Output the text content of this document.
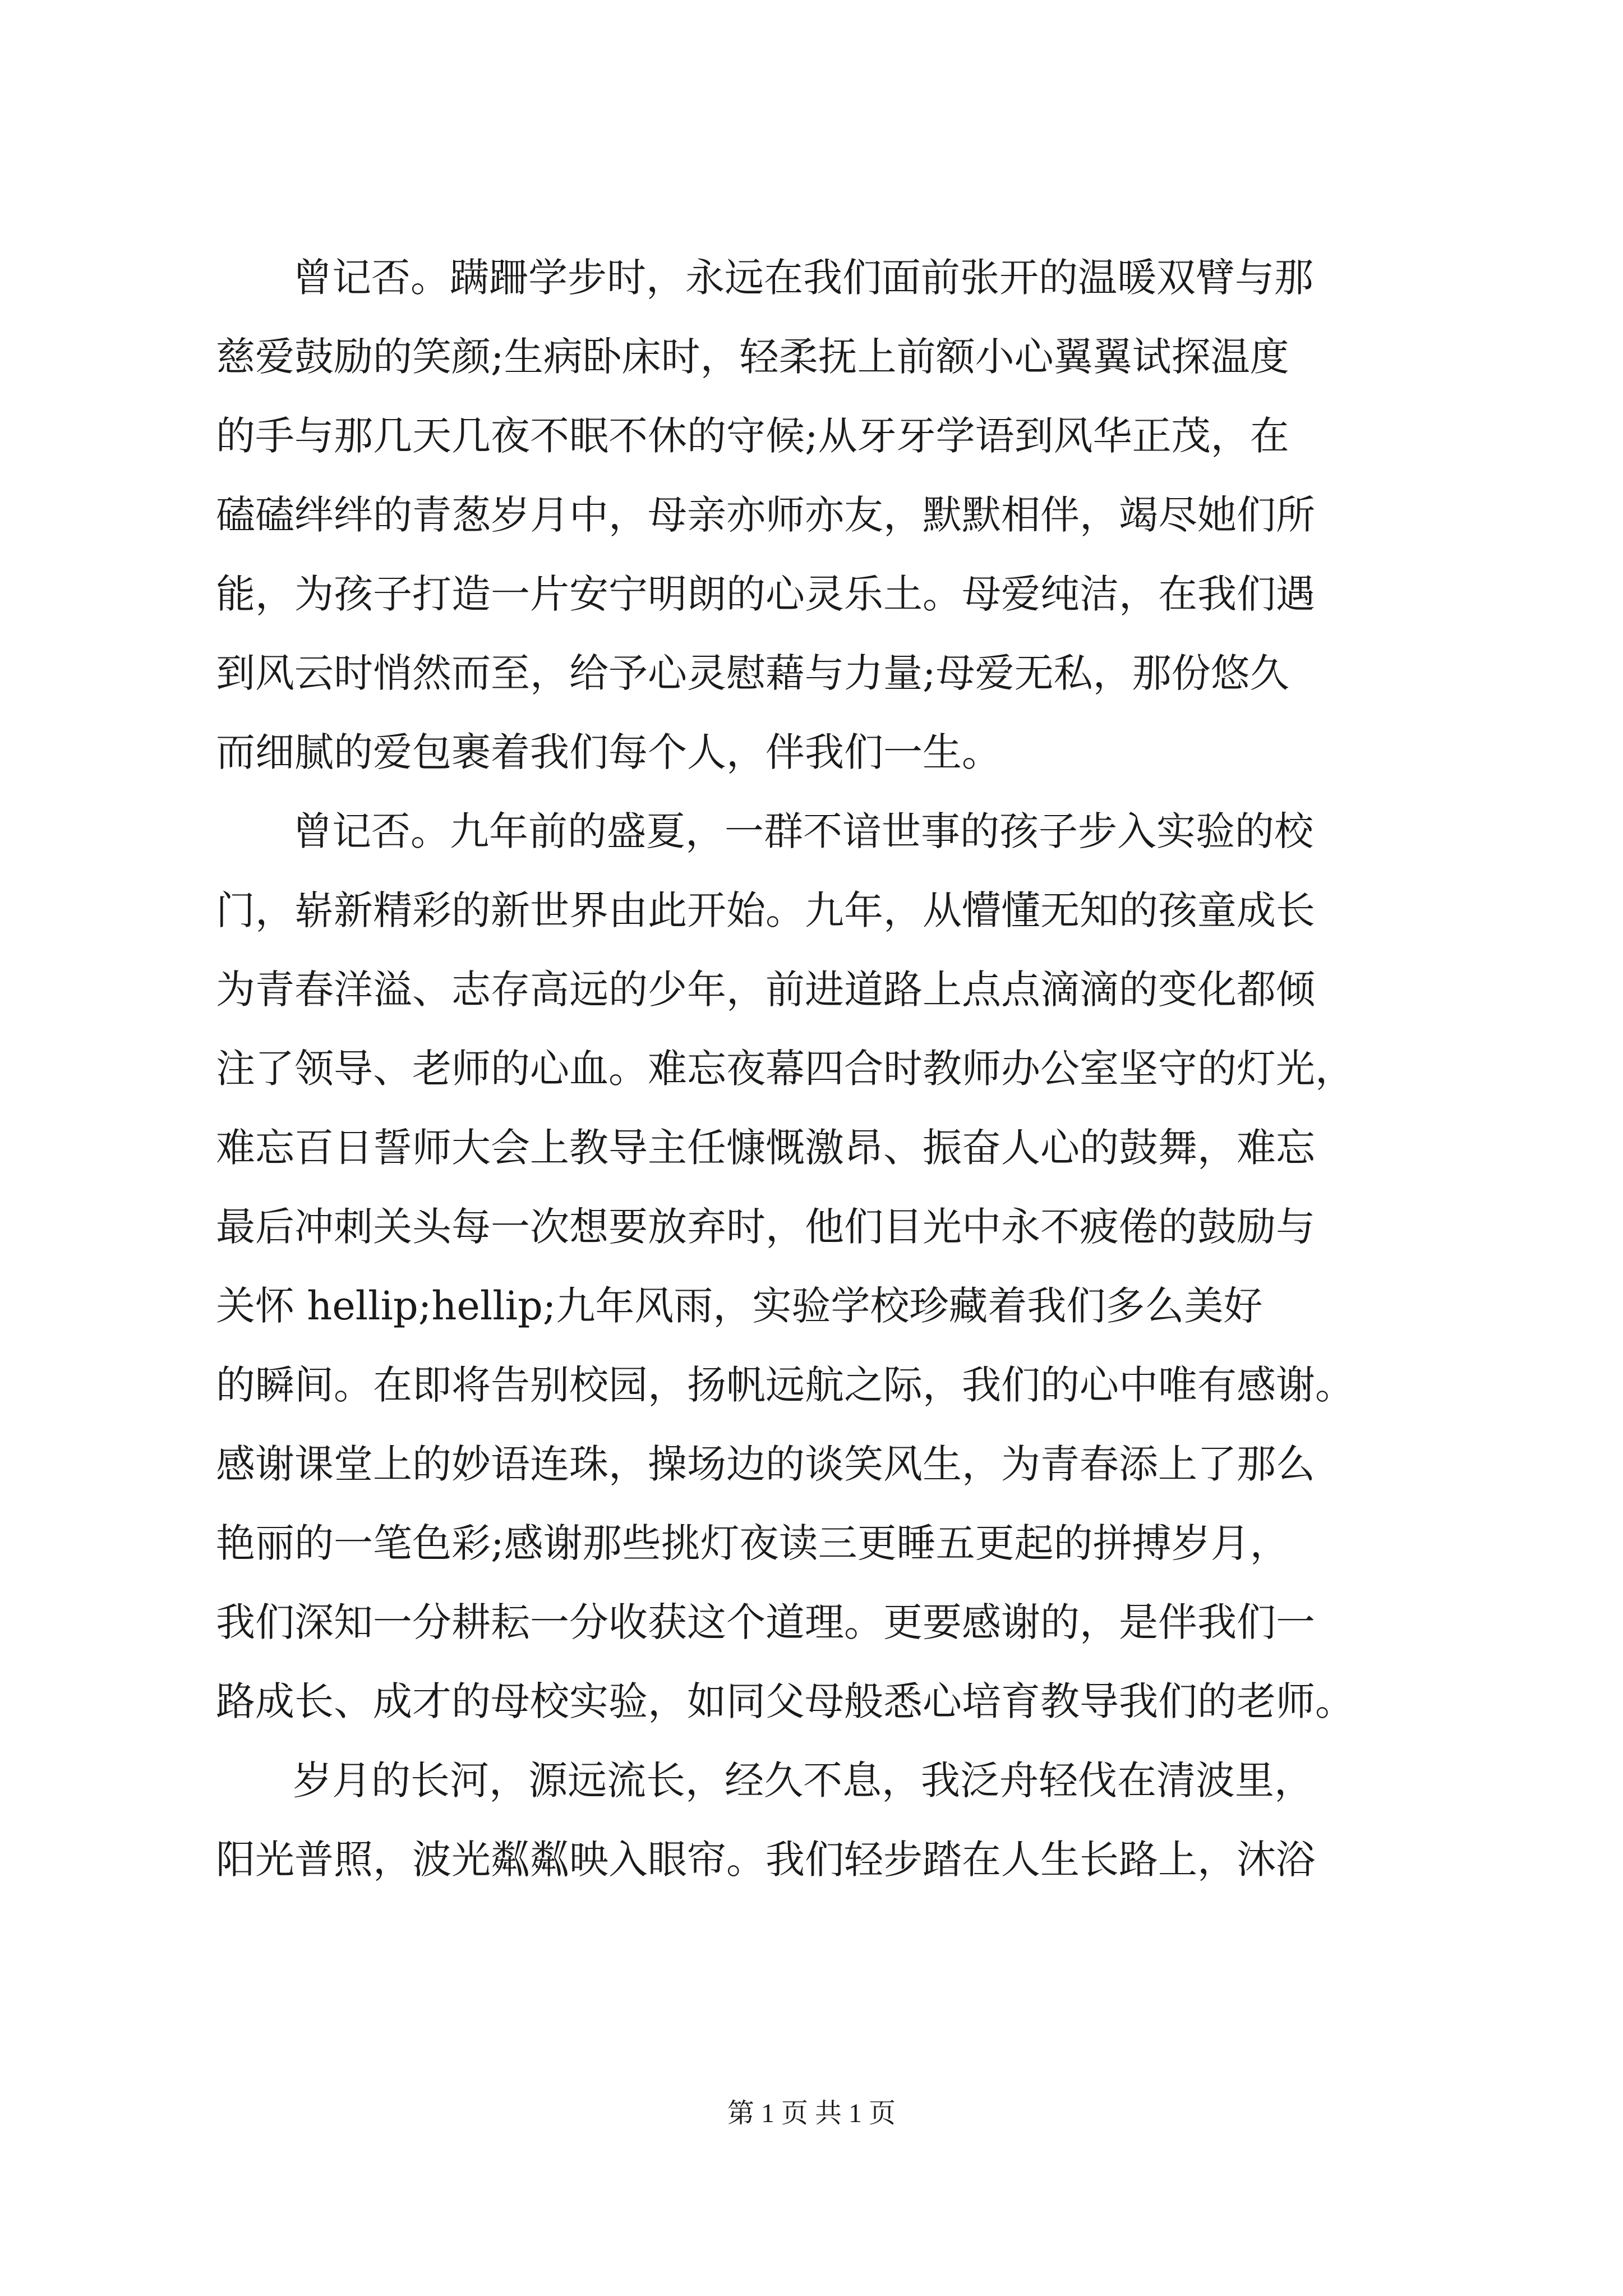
曾记否。蹒跚学步时，永远在我们面前张开的温暖双臂与那
慈爱鼓励的笑颜;生病卧床时，轻柔抚上前额小心翼翼试探温度
的手与那几天几夜不眠不休的守候;从牙牙学语到风华正茂，在
磕磕绊绊的青葱岁月中，母亲亦师亦友，默默相伴，竭尽她们所
能，为孩子打造一片安宁明朗的心灵乐土。母爱纯洁，在我们遇
到风云时悄然而至，给予心灵慰藉与力量;母爱无私，那份悠久
而细腻的爱包裹着我们每个人，伴我们一生。
曾记否。九年前的盛夏，一群不谙世事的孩子步入实验的校
门，崭新精彩的新世界由此开始。九年，从懵懂无知的孩童成长
为青春洋溢、志存高远的少年，前进道路上点点滴滴的变化都倾
注了领导、老师的心血。难忘夜幕四合时教师办公室坚守的灯光，
难忘百日誓师大会上教导主任慷慨激昂、振奋人心的鼓舞，难忘
最后冲刺关头每一次想要放弃时，他们目光中永不疲倦的鼓励与
关怀 hellip;hellip;九年风雨，实验学校珍藏着我们多么美好
的瞬间。在即将告别校园，扬帆远航之际，我们的心中唯有感谢。
感谢课堂上的妙语连珠，操场边的谈笑风生，为青春添上了那么
艳丽的一笔色彩;感谢那些挑灯夜读三更睡五更起的拼搏岁月，
我们深知一分耕耘一分收获这个道理。更要感谢的，是伴我们一
路成长、成才的母校实验，如同父母般悉心培育教导我们的老师。
岁月的长河，源远流长，经久不息，我泛舟轻伐在清波里，
阳光普照，波光粼粼映入眼帘。我们轻步踏在人生长路上，沐浴
第 1 页 共 1 页
